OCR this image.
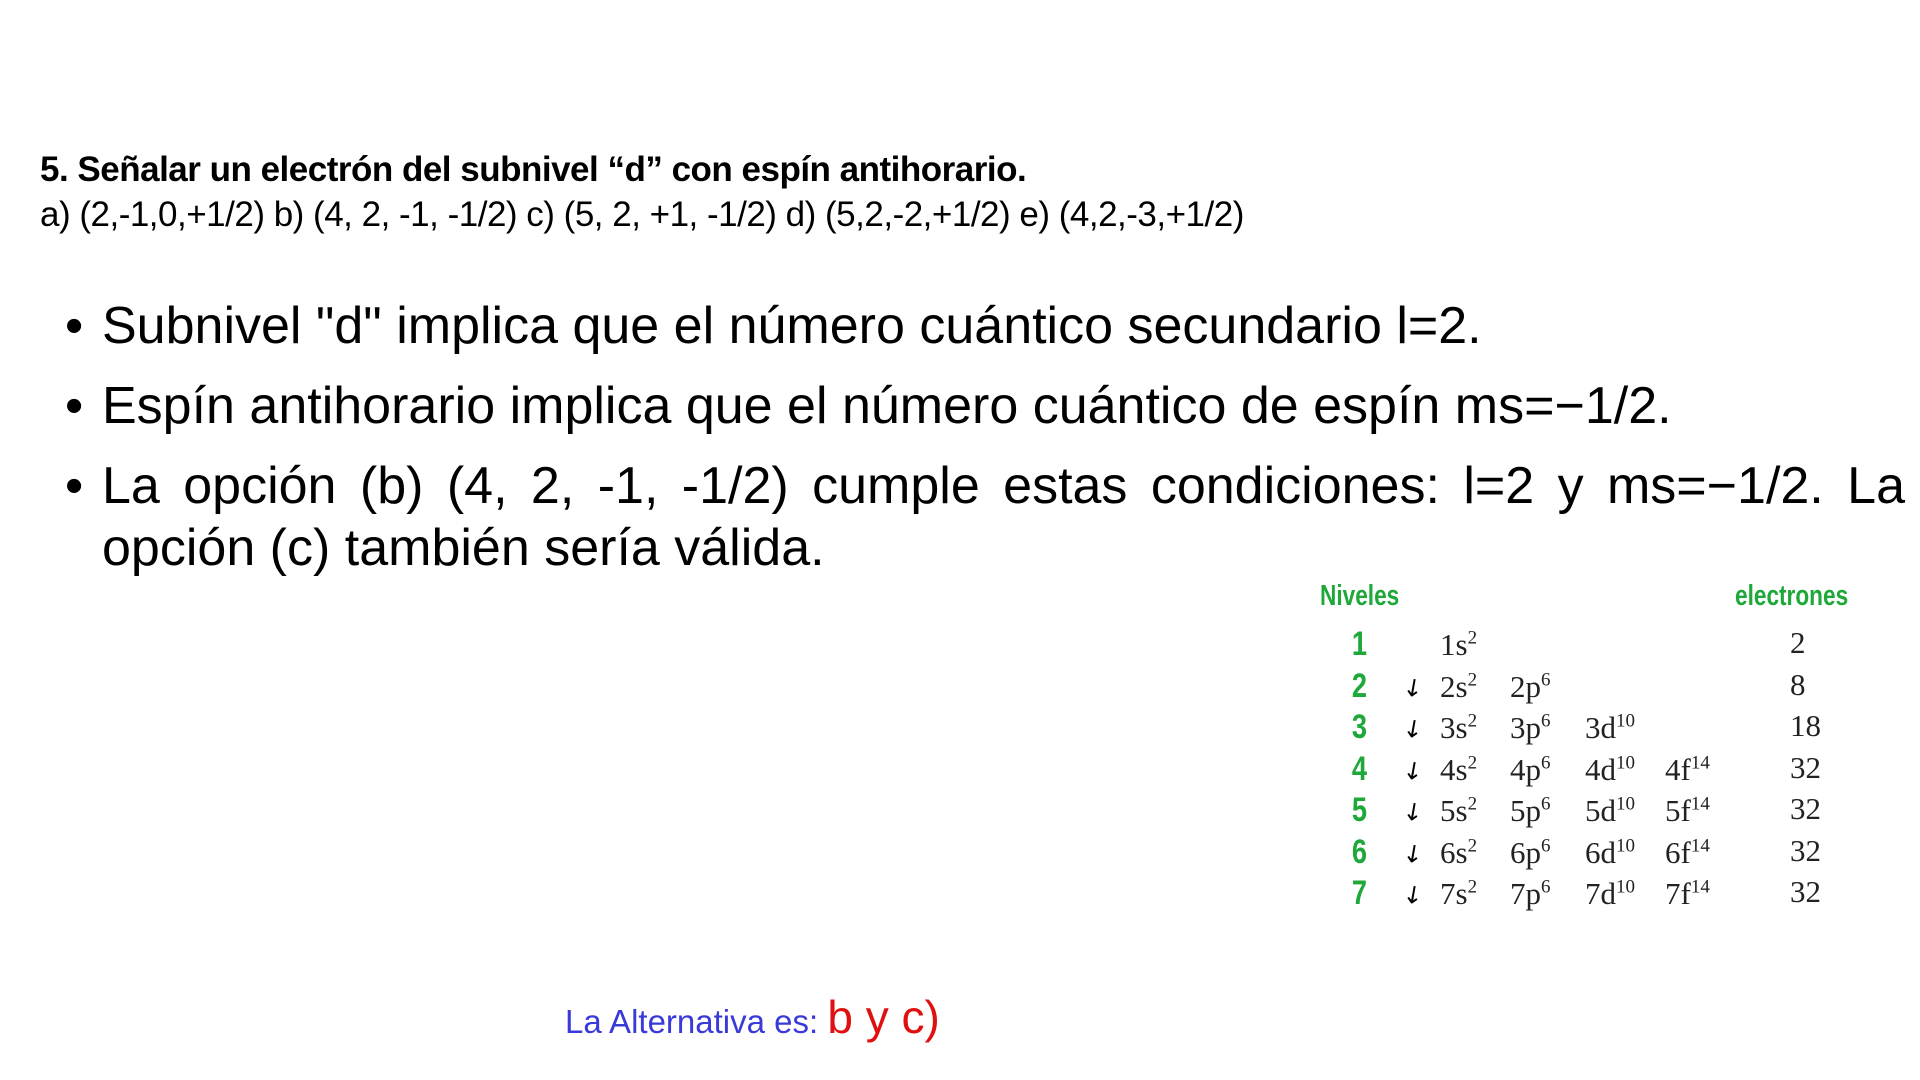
5. Señalar un electrón del subnivel “d” con espín antihorario.
a) (2,-1,0,+1/2) b) (4, 2, -1, -1/2) c) (5, 2, +1, -1/2) d) (5,2,-2,+1/2) e) (4,2,-3,+1/2)
• Subnivel "d" implica que el número cuántico secundario l=2.
• Espín antihorario implica que el número cuántico de espín ms=−1/2.
• La opción (b) (4, 2, -1, -1/2) cumple estas condiciones: l=2 y ms=−1/2. La opción (c) también sería válida.
Niveles	electrones
1 $1s^2$	2
2 ↙ $2s^2$ $2p^6$	8
3 ↙ $3s^2$ $3p^6$ $3d^{10}$	18
4 ↙ $4s^2$ $4p^6$ $4d^{10}$ $4f^{14}$	32
5 ↙ $5s^2$ $5p^6$ $5d^{10}$ $5f^{14}$	32
6 ↙ $6s^2$ $6p^6$ $6d^{10}$ $6f^{14}$	32
7 ↙ $7s^2$ $7p^6$ $7d^{10}$ $7f^{14}$	32
La Alternativa es: b y c)
